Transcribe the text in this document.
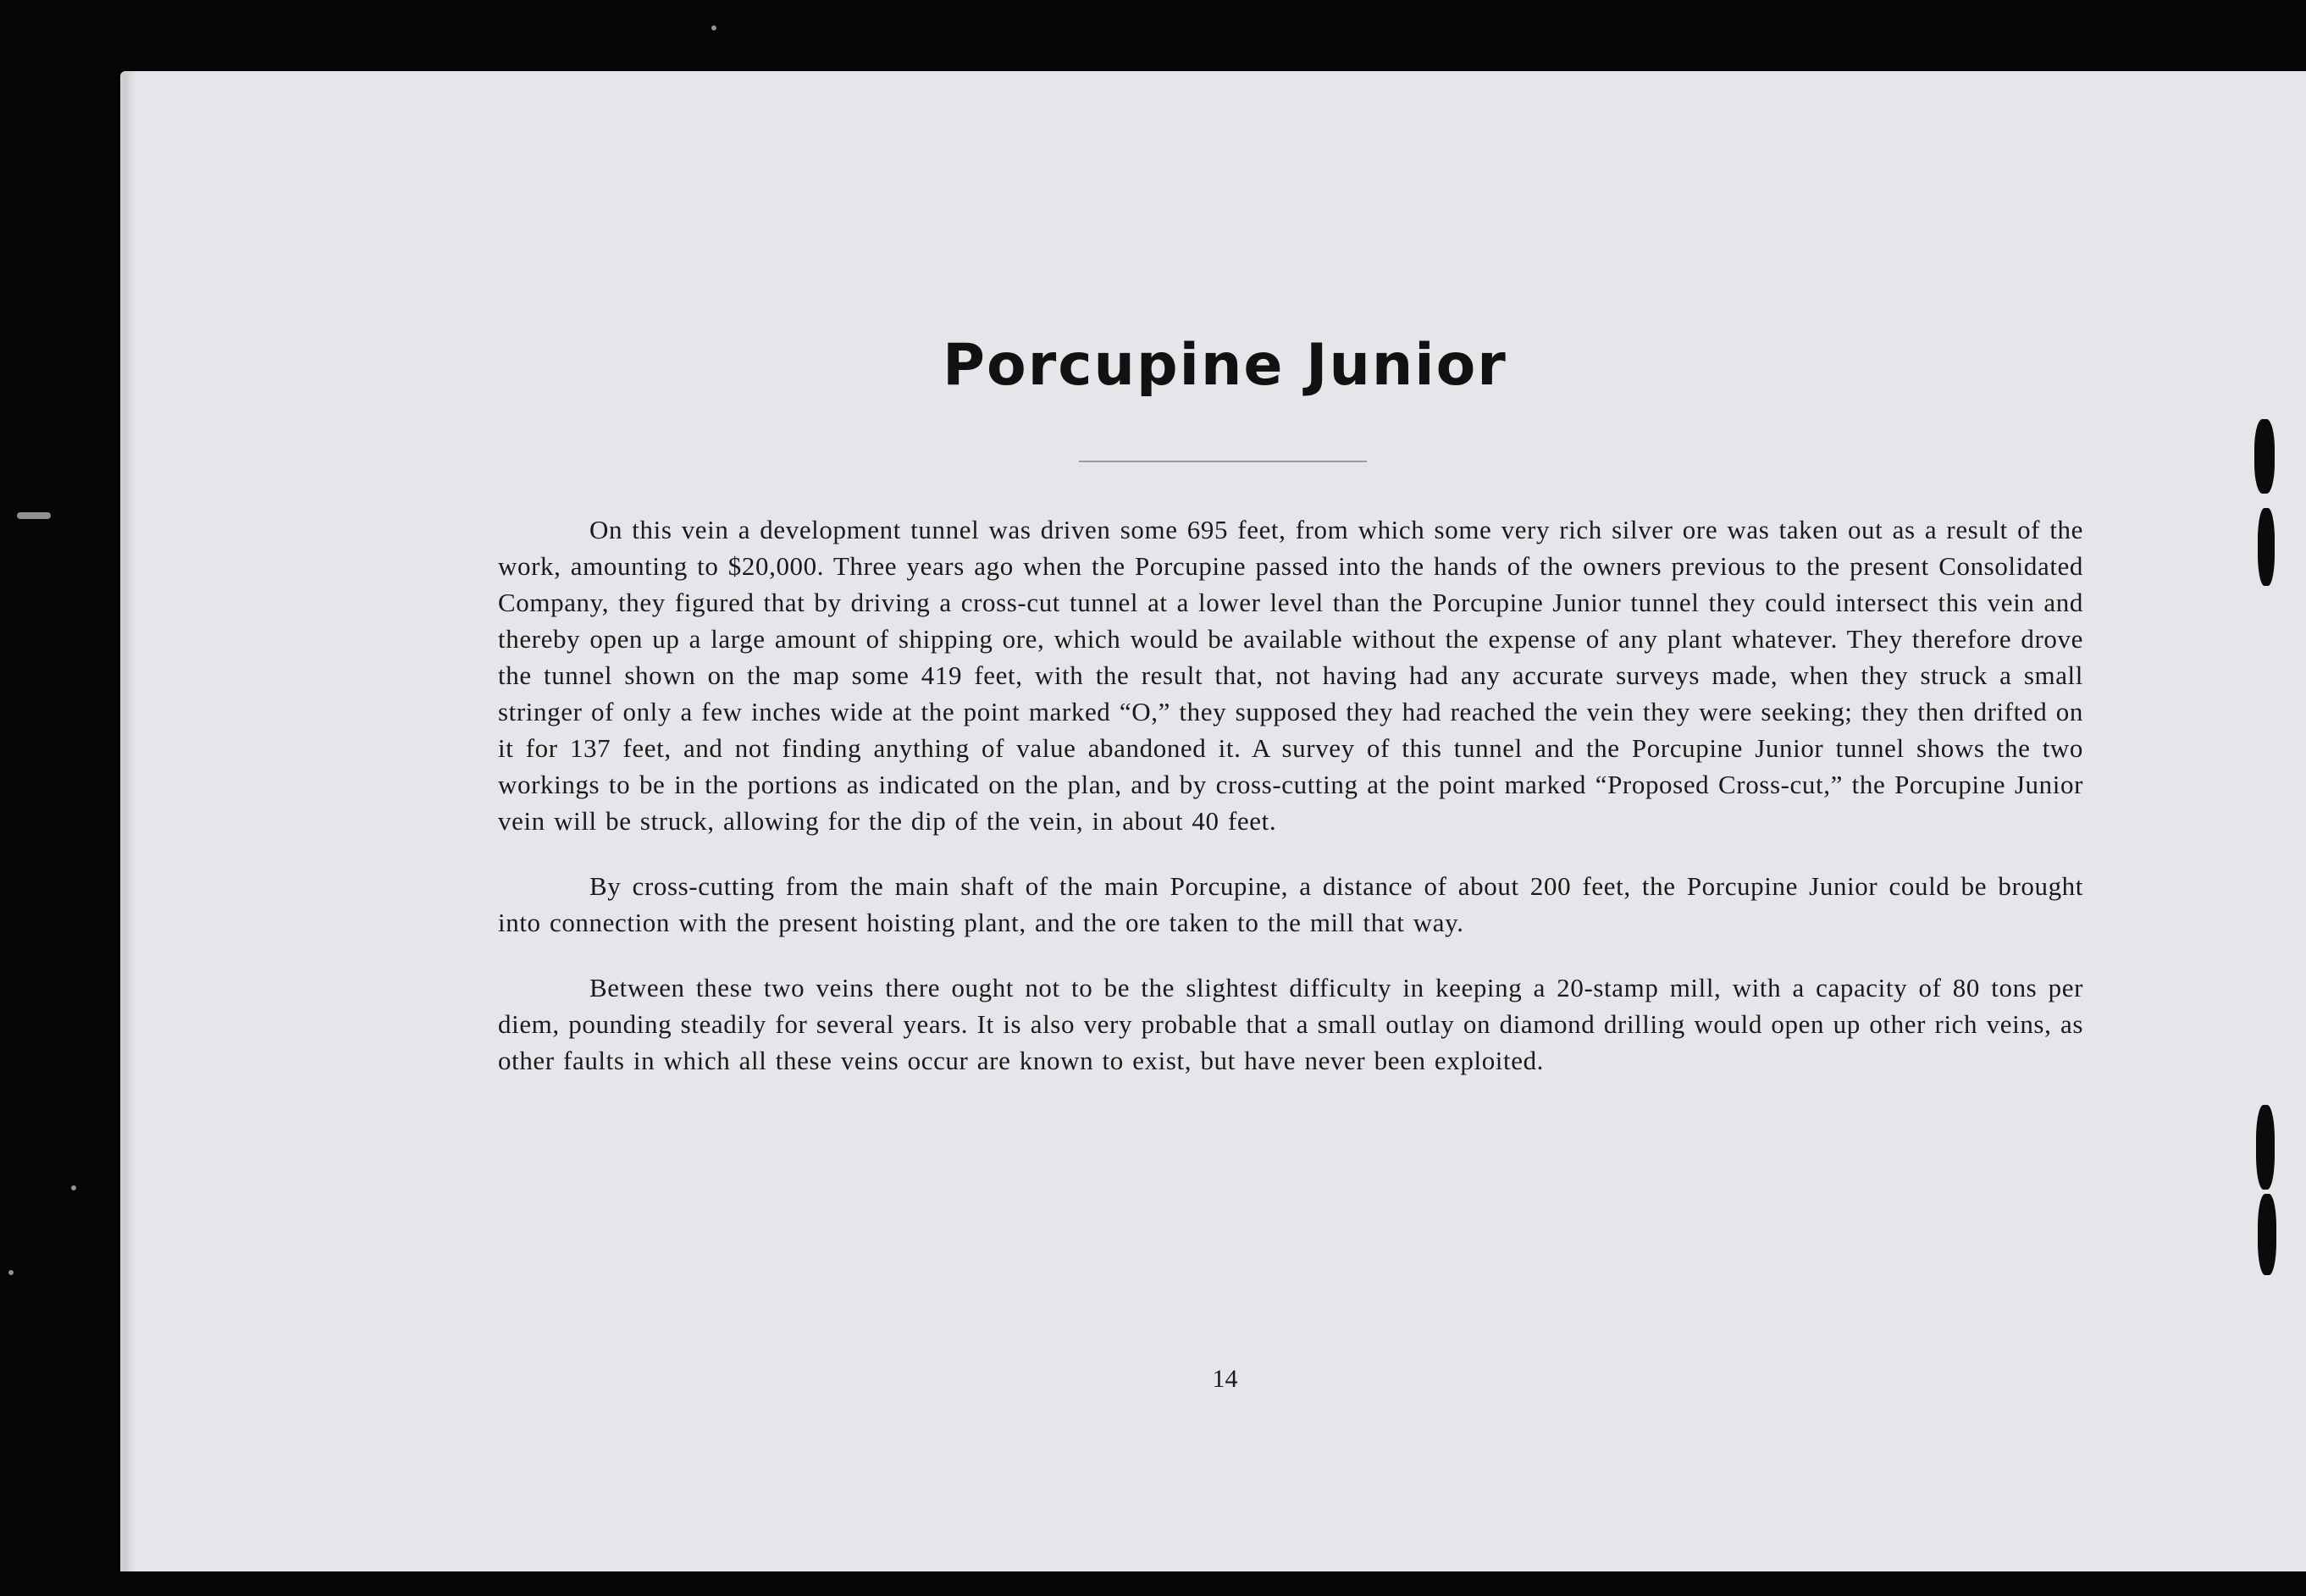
Porcupine Junior

On this vein a development tunnel was driven some 695 feet, from which some very rich silver ore was taken out as a result of the work, amounting to $20,000. Three years ago when the Porcupine passed into the hands of the owners previous to the present Consolidated Company, they figured that by driving a cross-cut tunnel at a lower level than the Porcupine Junior tunnel they could intersect this vein and thereby open up a large amount of shipping ore, which would be available without the expense of any plant whatever. They therefore drove the tunnel shown on the map some 419 feet, with the result that, not having had any accurate surveys made, when they struck a small stringer of only a few inches wide at the point marked “O,” they supposed they had reached the vein they were seeking; they then drifted on it for 137 feet, and not finding anything of value abandoned it. A survey of this tunnel and the Porcupine Junior tunnel shows the two workings to be in the portions as indicated on the plan, and by cross-cutting at the point marked “Proposed Cross-cut,” the Porcupine Junior vein will be struck, allowing for the dip of the vein, in about 40 feet.

By cross-cutting from the main shaft of the main Porcupine, a distance of about 200 feet, the Porcupine Junior could be brought into connection with the present hoisting plant, and the ore taken to the mill that way.

Between these two veins there ought not to be the slightest difficulty in keeping a 20-stamp mill, with a capacity of 80 tons per diem, pounding steadily for several years. It is also very probable that a small outlay on diamond drilling would open up other rich veins, as other faults in which all these veins occur are known to exist, but have never been exploited.

14
